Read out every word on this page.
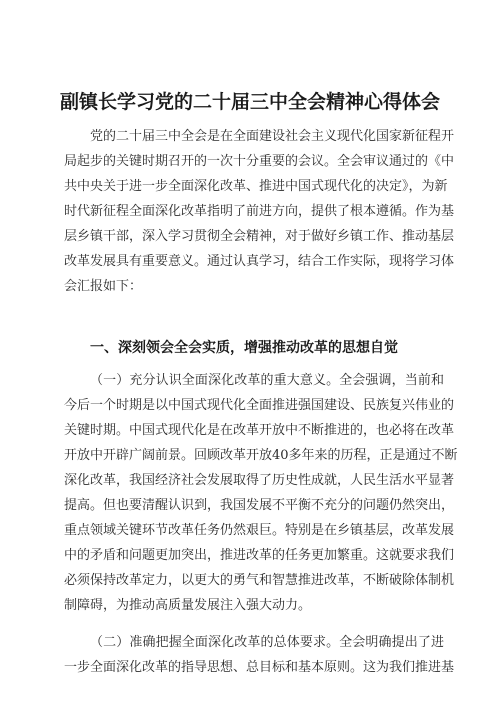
副镇长学习党的二十届三中全会精神心得体会
党的二十届三中全会是在全面建设社会主义现代化国家新征程开
局起步的关键时期召开的一次十分重要的会议。全会审议通过的《中
共中央关于进一步全面深化改革、推进中国式现代化的决定》，为新
时代新征程全面深化改革指明了前进方向，提供了根本遵循。作为基
层乡镇干部，深入学习贯彻全会精神，对于做好乡镇工作、推动基层
改革发展具有重要意义。通过认真学习，结合工作实际，现将学习体
会汇报如下：
一、深刻领会全会实质，增强推动改革的思想自觉
（一）充分认识全面深化改革的重大意义。全会强调，当前和
今后一个时期是以中国式现代化全面推进强国建设、民族复兴伟业的
关键时期。中国式现代化是在改革开放中不断推进的，也必将在改革
开放中开辟广阔前景。回顾改革开放40多年来的历程，正是通过不断
深化改革，我国经济社会发展取得了历史性成就，人民生活水平显著
提高。但也要清醒认识到，我国发展不平衡不充分的问题仍然突出，
重点领域关键环节改革任务仍然艰巨。特别是在乡镇基层，改革发展
中的矛盾和问题更加突出，推进改革的任务更加繁重。这就要求我们
必须保持改革定力，以更大的勇气和智慧推进改革，不断破除体制机
制障碍，为推动高质量发展注入强大动力。
（二）准确把握全面深化改革的总体要求。全会明确提出了进
一步全面深化改革的指导思想、总目标和基本原则。这为我们推进基
